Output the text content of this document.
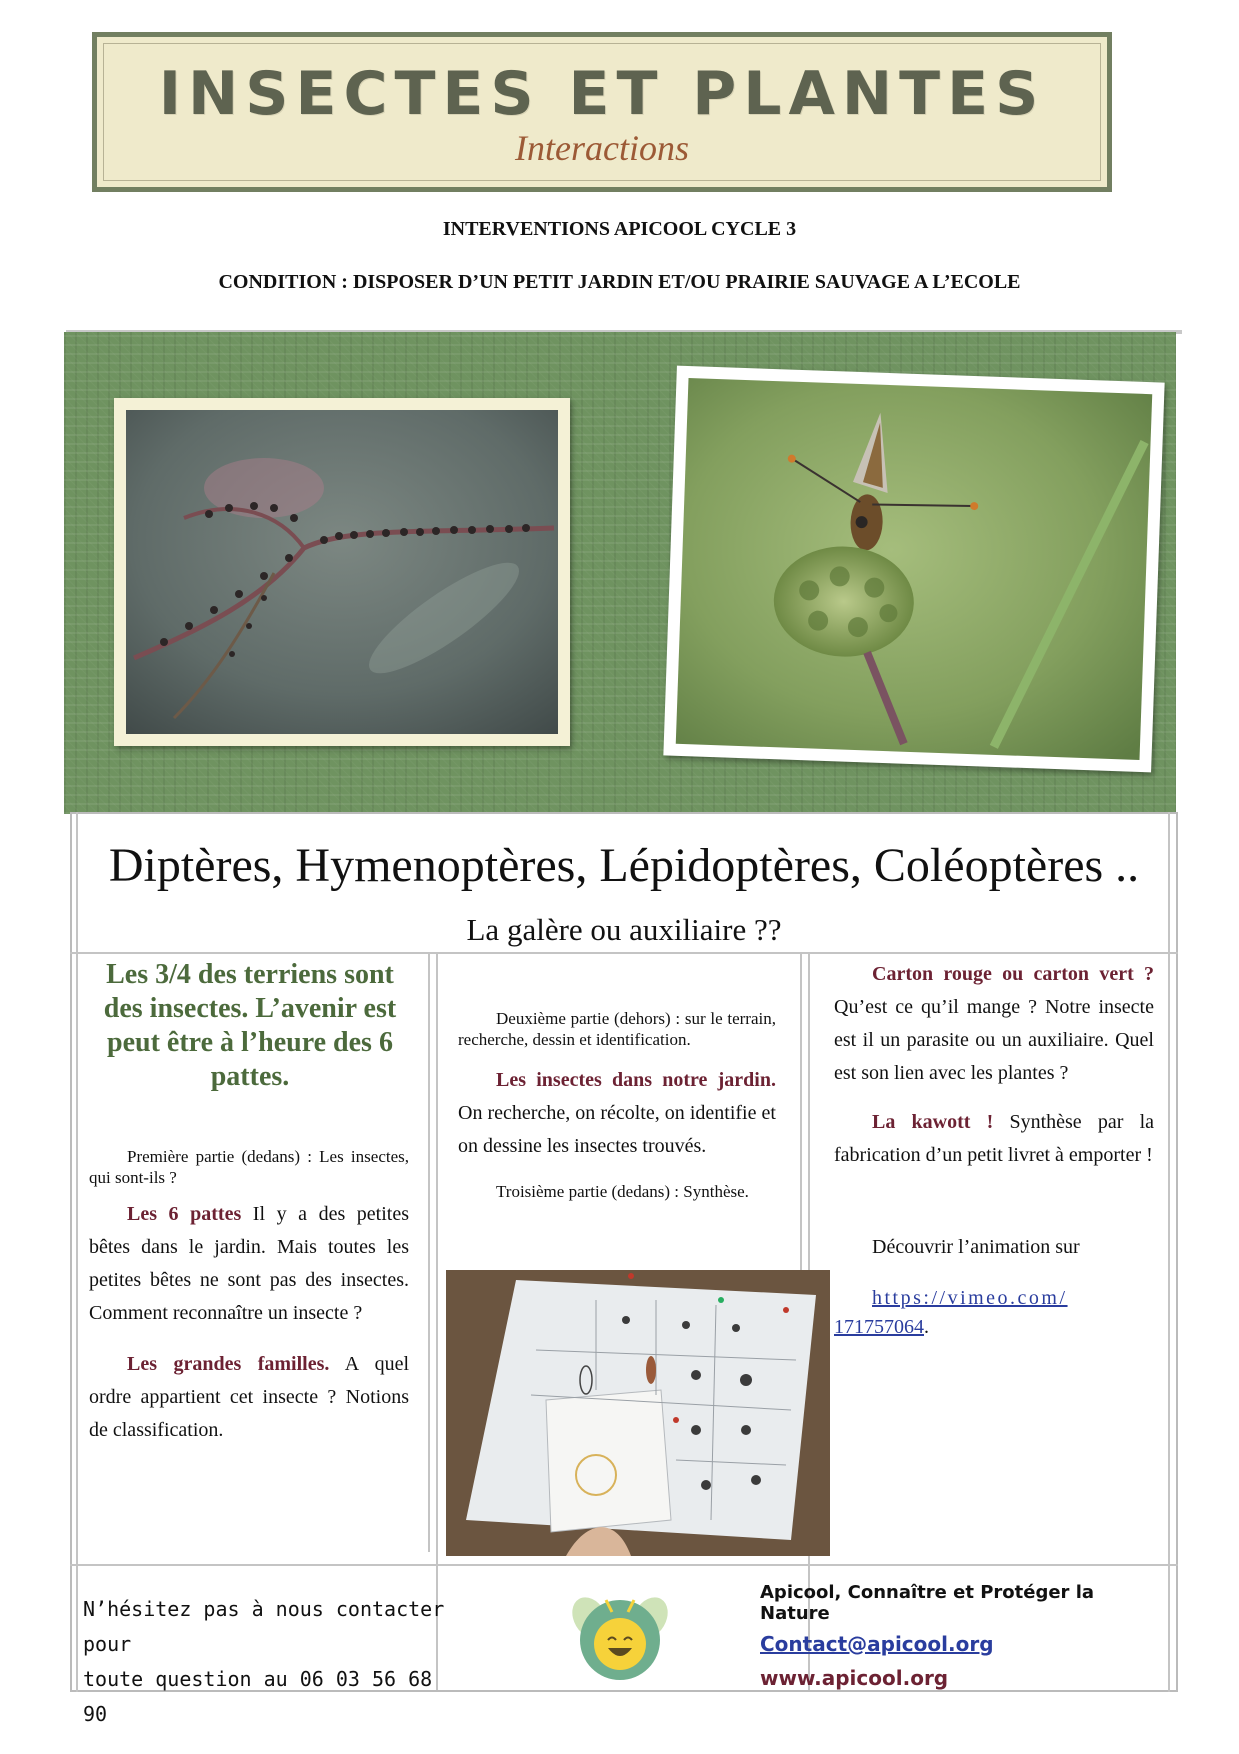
INSECTES ET PLANTES
Interactions
INTERVENTIONS APICOOL CYCLE 3
CONDITION : DISPOSER D’UN PETIT JARDIN ET/OU PRAIRIE SAUVAGE A L’ECOLE
Diptères, Hymenoptères, Lépidoptères, Coléoptères ..
La galère ou auxiliaire ??
Les 3/4 des terriens sont des insectes. L’avenir est peut être à l’heure des 6 pattes.

Première partie (dedans) : Les insectes, qui sont-ils ?

Les 6 pattes Il y a des petites bêtes dans le jardin. Mais toutes les petites bêtes ne sont pas des insectes. Comment reconnaître un insecte ?

Les grandes familles. A quel ordre appartient cet insecte ? Notions de classification.

Deuxième partie (dehors) : sur le terrain, recherche, dessin et identification.

Les insectes dans notre jardin. On recherche, on récolte, on identifie et on dessine les insectes trouvés.

Troisième partie (dedans) : Synthèse.

Carton rouge ou carton vert ? Qu’est ce qu’il mange ? Notre insecte est il un parasite ou un auxiliaire. Quel est son lien avec les plantes ?

La kawott ! Synthèse par la fabrication d’un petit livret à emporter !

Découvrir l’animation sur

https://vimeo.com/

171757064.

N’hésitez pas à nous contacter pour
toute question au 06 03 56 68 90
Apicool, Connaître et Protéger la Nature
Contact@apicool.org
www.apicool.org
